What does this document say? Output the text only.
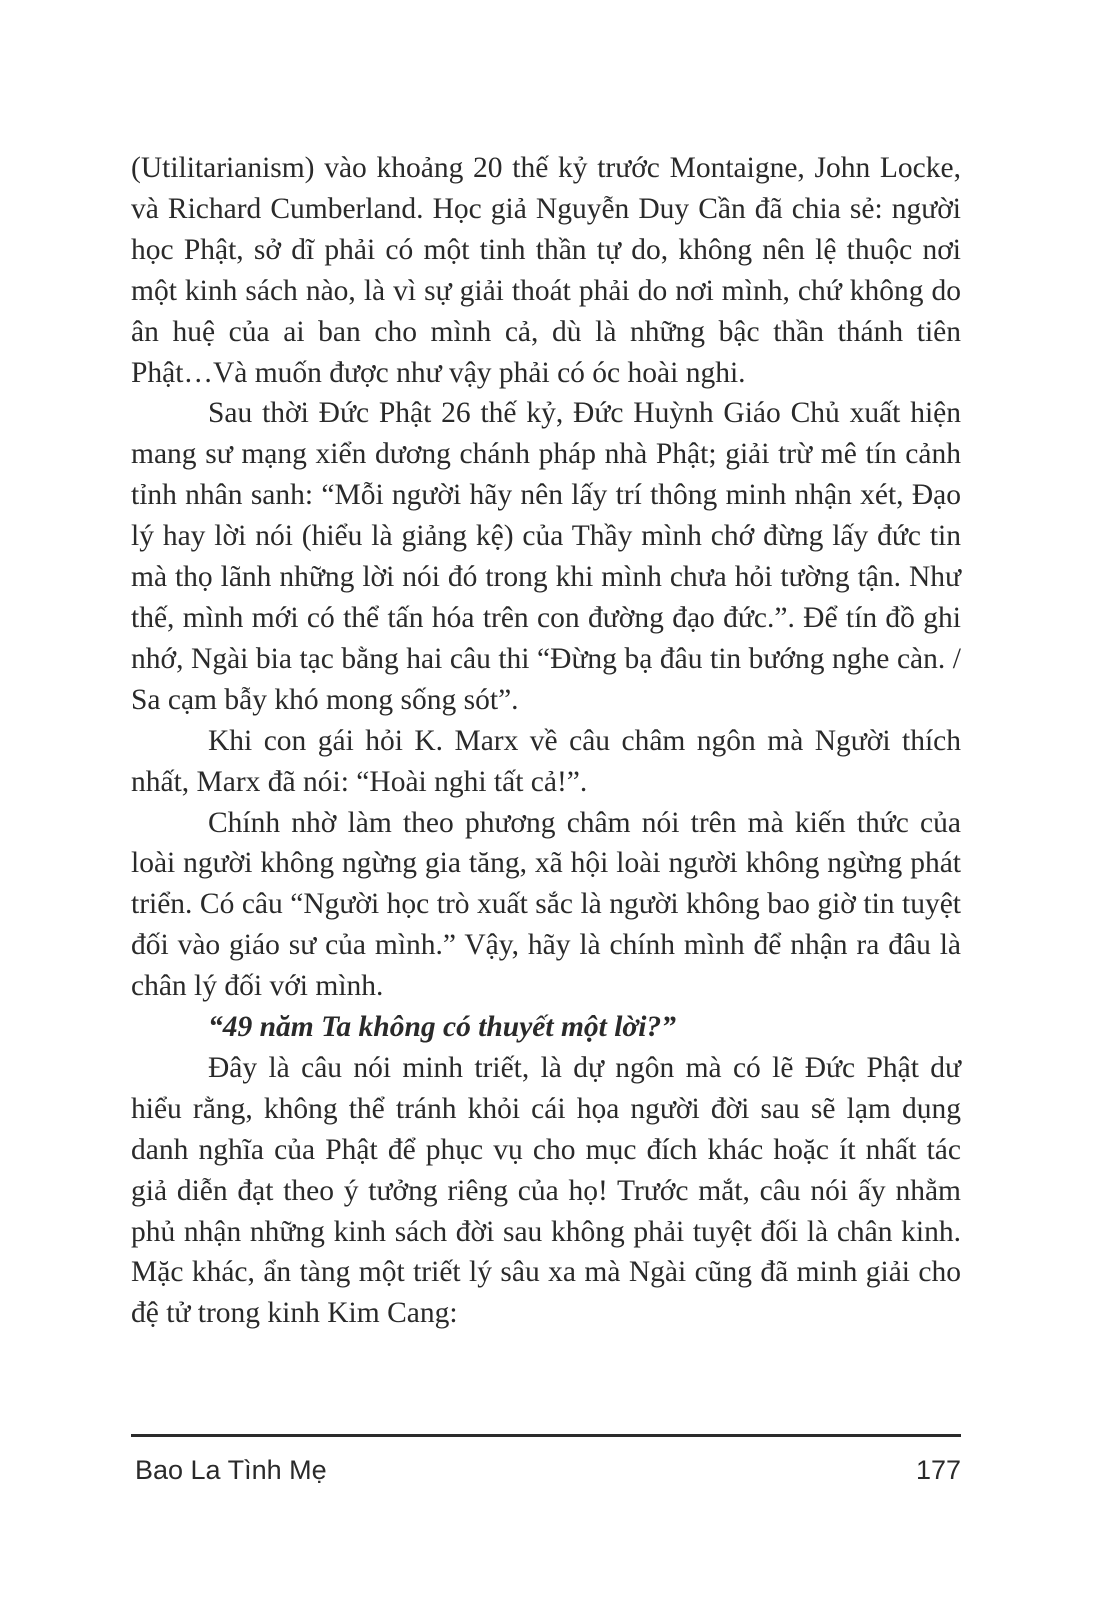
(Utilitarianism) vào khoảng 20 thế kỷ trước Montaigne, John Locke, và Richard Cumberland. Học giả Nguyễn Duy Cần đã chia sẻ: người học Phật, sở dĩ phải có một tinh thần tự do, không nên lệ thuộc nơi một kinh sách nào, là vì sự giải thoát phải do nơi mình, chứ không do ân huệ của ai ban cho mình cả, dù là những bậc thần thánh tiên Phật…Và muốn được như vậy phải có óc hoài nghi.

Sau thời Đức Phật 26 thế kỷ, Đức Huỳnh Giáo Chủ xuất hiện mang sư mạng xiển dương chánh pháp nhà Phật; giải trừ mê tín cảnh tỉnh nhân sanh: “Mỗi người hãy nên lấy trí thông minh nhận xét, Đạo lý hay lời nói (hiểu là giảng kệ) của Thầy mình chớ đừng lấy đức tin mà thọ lãnh những lời nói đó trong khi mình chưa hỏi tường tận. Như thế, mình mới có thể tấn hóa trên con đường đạo đức.”. Để tín đồ ghi nhớ, Ngài bia tạc bằng hai câu thi “Đừng bạ đâu tin bướng nghe càn. / Sa cạm bẫy khó mong sống sót”.

Khi con gái hỏi K. Marx về câu châm ngôn mà Người thích nhất, Marx đã nói: “Hoài nghi tất cả!”.

Chính nhờ làm theo phương châm nói trên mà kiến thức của loài người không ngừng gia tăng, xã hội loài người không ngừng phát triển. Có câu “Người học trò xuất sắc là người không bao giờ tin tuyệt đối vào giáo sư của mình.” Vậy, hãy là chính mình để nhận ra đâu là chân lý đối với mình.

“49 năm Ta không có thuyết một lời?”

Đây là câu nói minh triết, là dự ngôn mà có lẽ Đức Phật dư hiểu rằng, không thể tránh khỏi cái họa người đời sau sẽ lạm dụng danh nghĩa của Phật để phục vụ cho mục đích khác hoặc ít nhất tác giả diễn đạt theo ý tưởng riêng của họ! Trước mắt, câu nói ấy nhằm phủ nhận những kinh sách đời sau không phải tuyệt đối là chân kinh. Mặc khác, ẩn tàng một triết lý sâu xa mà Ngài cũng đã minh giải cho đệ tử trong kinh Kim Cang:

Bao La Tình Mẹ	177
